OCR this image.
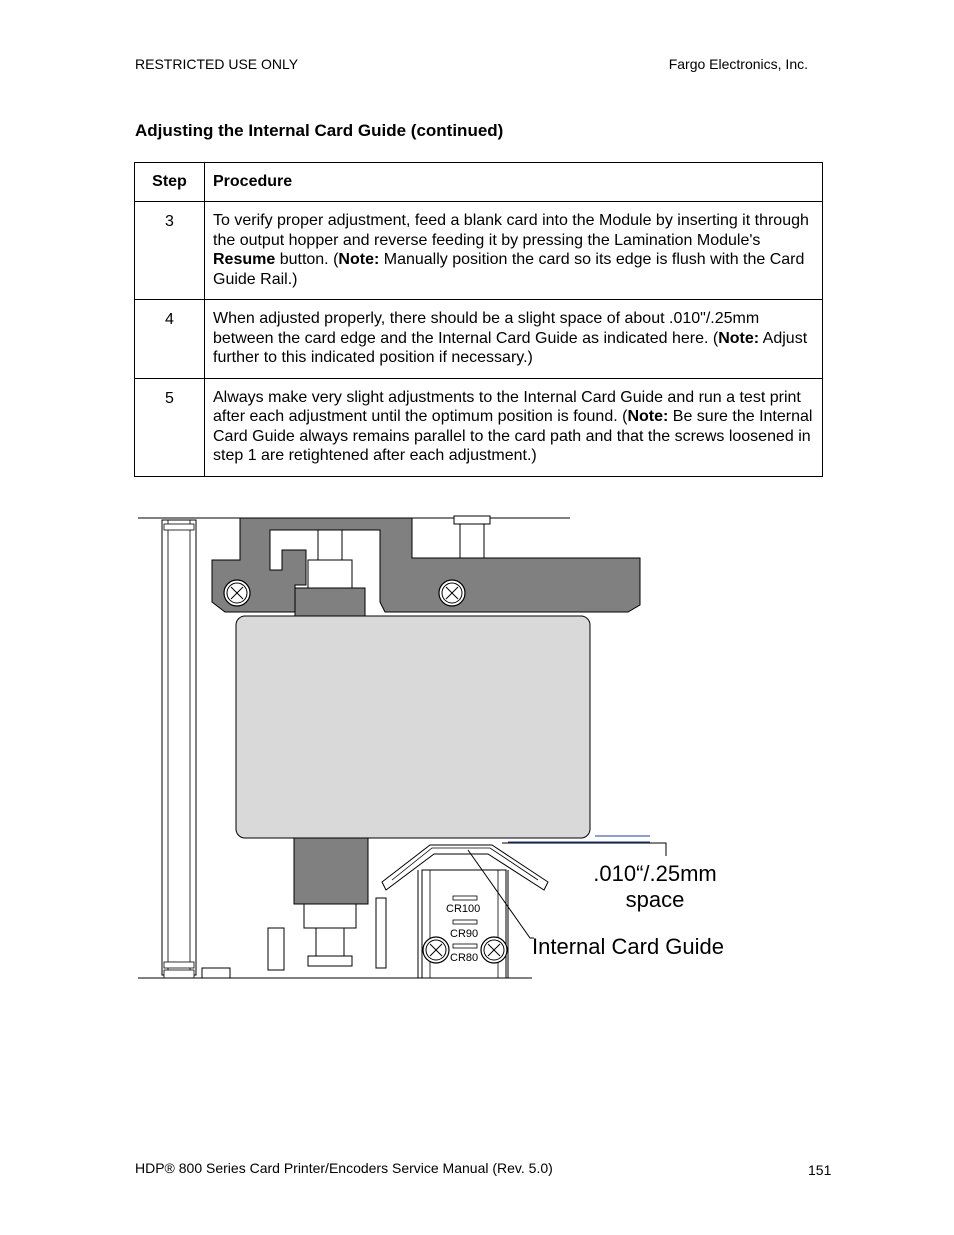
RESTRICTED USE ONLY	Fargo Electronics, Inc.
Adjusting the Internal Card Guide (continued)
Step	Procedure
3	To verify proper adjustment, feed a blank card into the Module by inserting it through the output hopper and reverse feeding it by pressing the Lamination Module's Resume button. (Note: Manually position the card so its edge is flush with the Card Guide Rail.)
4	When adjusted properly, there should be a slight space of about .010"/.25mm between the card edge and the Internal Card Guide as indicated here. (Note: Adjust further to this indicated position if necessary.)
5	Always make very slight adjustments to the Internal Card Guide and run a test print after each adjustment until the optimum position is found. (Note: Be sure the Internal Card Guide always remains parallel to the card path and that the screws loosened in step 1 are retightened after each adjustment.)
CR100
CR90
CR80
.010“/.25mm
space
Internal Card Guide
HDP® 800 Series Card Printer/Encoders Service Manual (Rev. 5.0)	151
